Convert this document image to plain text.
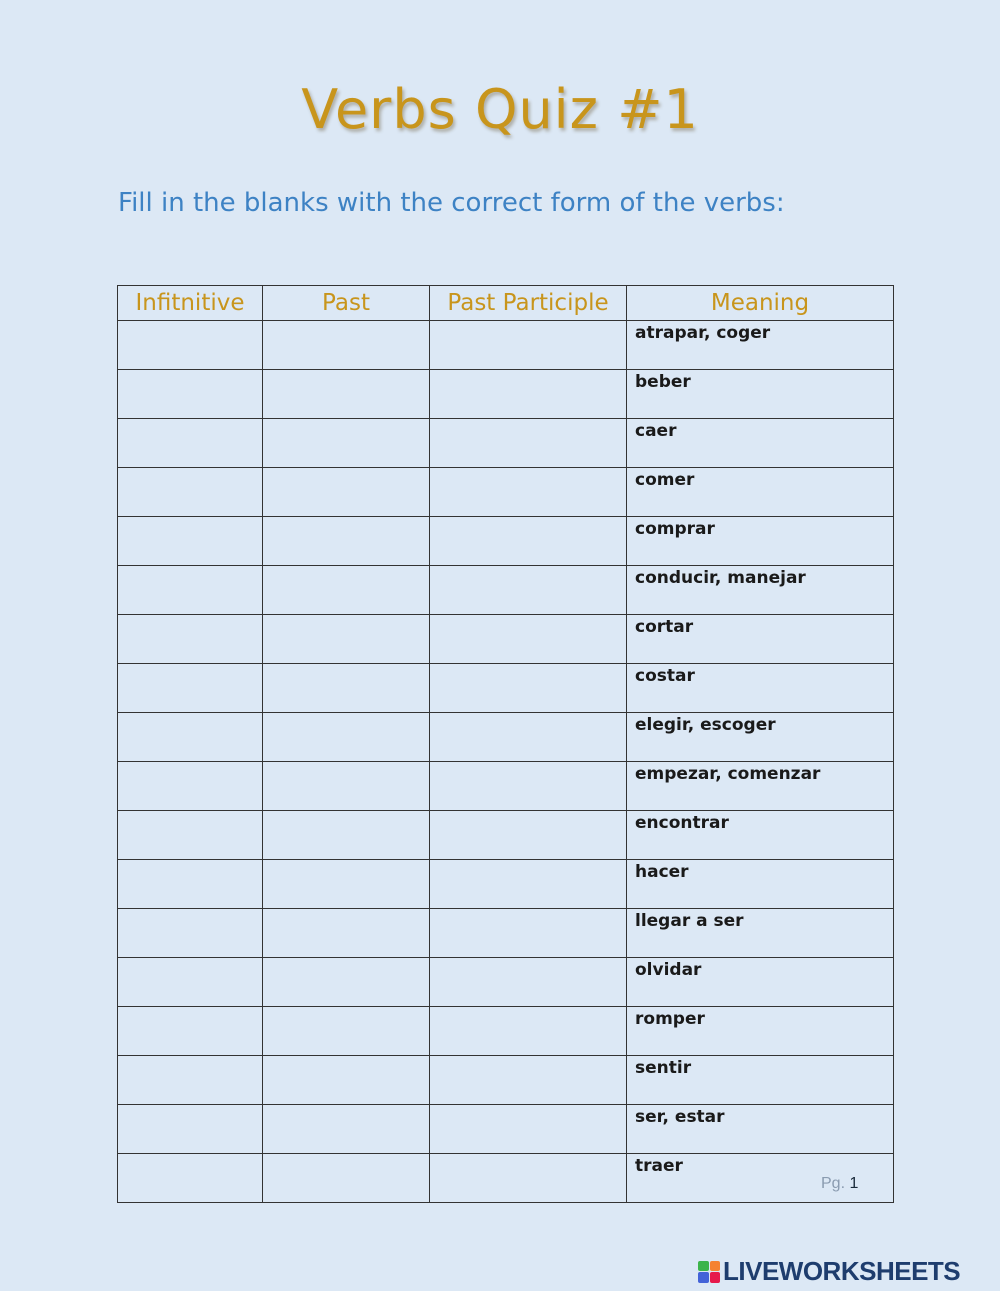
Verbs Quiz #1
Fill in the blanks with the correct form of the verbs:
Infitnitive	Past	Past Participle	Meaning
			atrapar, coger
			beber
			caer
			comer
			comprar
			conducir, manejar
			cortar
			costar
			elegir, escoger
			empezar, comenzar
			encontrar
			hacer
			llegar a ser
			olvidar
			romper
			sentir
			ser, estar
			traer
Pg. 1
LIVEWORKSHEETS
